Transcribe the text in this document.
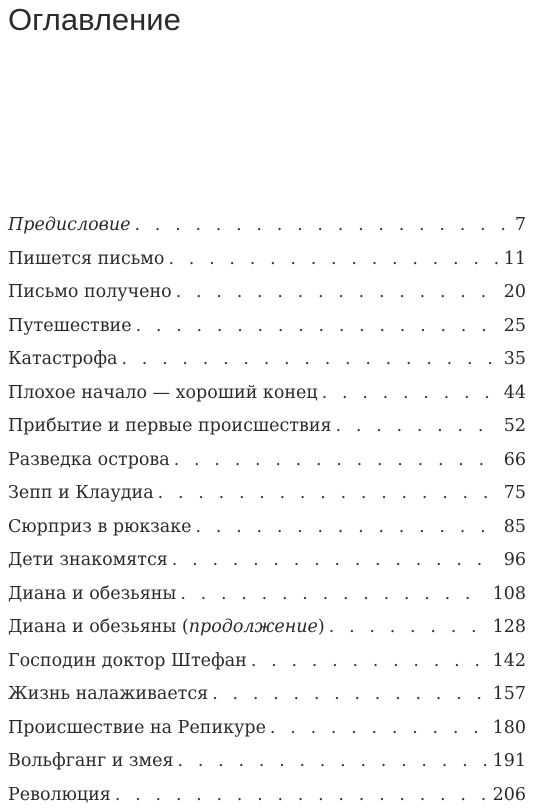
Оглавление
Предисловие . . .	7
Пишется письмо . . .	11
Письмо получено . . .	20
Путешествие . . .	25
Катастрофа . . .	35
Плохое начало — хороший конец . . .	44
Прибытие и первые происшествия . . .	52
Разведка острова . . .	66
Зепп и Клаудиа . . .	75
Сюрприз в рюкзаке . . .	85
Дети знакомятся . . .	96
Диана и обезьяны . . .	108
Диана и обезьяны (продолжение) . . .	128
Господин доктор Штефан . . .	142
Жизнь налаживается . . .	157
Происшествие на Репикуре . . .	180
Вольфганг и змея . . .	191
Революция . . .	206
